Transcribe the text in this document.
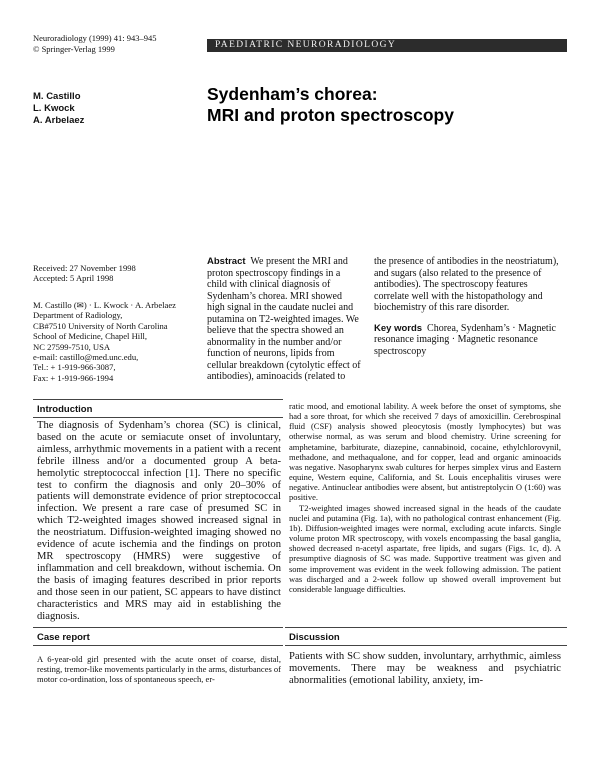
Neuroradiology (1999) 41: 943–945
© Springer-Verlag 1999	PAEDIATRIC NEURORADIOLOGY
M. Castillo
L. Kwock
A. Arbelaez
Sydenham’s chorea:
MRI and proton spectroscopy
Received: 27 November 1998
Accepted: 5 April 1998
M. Castillo (✉) · L. Kwock · A. Arbelaez
Department of Radiology,
CB#7510 University of North Carolina
School of Medicine, Chapel Hill,
NC 27599-7510, USA
e-mail: castillo@med.unc.edu,
Tel.: + 1-919-966-3087,
Fax: + 1-919-966-1994
Abstract We present the MRI and proton spectroscopy findings in a child with clinical diagnosis of Sydenham’s chorea. MRI showed high signal in the caudate nuclei and putamina on T2-weighted images. We believe that the spectra showed an abnormality in the number and/or function of neurons, lipids from cellular breakdown (cytolytic effect of antibodies), aminoacids (related to
the presence of antibodies in the neostriatum), and sugars (also related to the presence of antibodies). The spectroscopy features correlate well with the histopathology and biochemistry of this rare disorder.
Key words Chorea, Sydenham’s · Magnetic resonance imaging · Magnetic resonance spectroscopy
Introduction
The diagnosis of Sydenham’s chorea (SC) is clinical, based on the acute or semiacute onset of involuntary, aimless, arrhythmic movements in a patient with a recent febrile illness and/or a documented group A beta-hemolytic streptococcal infection [1]. There no specific test to confirm the diagnosis and only 20–30% of patients will demonstrate evidence of prior streptococcal infection. We present a rare case of presumed SC in which T2-weighted images showed increased signal in the neostriatum. Diffusion-weighted imaging showed no evidence of acute ischemia and the findings on proton MR spectroscopy (HMRS) were suggestive of inflammation and cell breakdown, without ischemia. On the basis of imaging features described in prior reports and those seen in our patient, SC appears to have distinct characteristics and MRS may aid in establishing the diagnosis.
Case report
A 6-year-old girl presented with the acute onset of coarse, distal, resting, tremor-like movements particularly in the arms, disturbances of motor co-ordination, loss of spontaneous speech, er-
ratic mood, and emotional lability. A week before the onset of symptoms, she had a sore throat, for which she received 7 days of amoxicillin. Cerebrospinal fluid (CSF) analysis showed pleocytosis (mostly lymphocytes) but was otherwise normal, as was serum and blood chemistry. Urine screening for amphetamine, barbiturate, diazepine, cannabinoid, cocaine, ethylchlorovynil, methadone, and methaqualone, and for copper, lead and organic aminoacids was negative. Nasopharynx swab cultures for herpes simplex virus and Eastern equine, Western equine, California, and St. Louis encephalitis viruses were negative. Antinuclear antibodies were absent, but antistreptolycin O (1:60) was positive.
T2-weighted images showed increased signal in the heads of the caudate nuclei and putamina (Fig. 1a), with no pathological contrast enhancement (Fig. 1b). Diffusion-weighted images were normal, excluding acute infarcts. Single volume proton MR spectroscopy, with voxels encompassing the basal ganglia, showed decreased n-acetyl aspartate, free lipids, and sugars (Figs. 1c, d). A presumptive diagnosis of SC was made. Supportive treatment was given and some improvement was evident in the week following admission. The patient was discharged and a 2-week follow up showed overall improvement but considerable language difficulties.
Discussion
Patients with SC show sudden, involuntary, arrhythmic, aimless movements. There may be weakness and psychiatric abnormalities (emotional lability, anxiety, im-
